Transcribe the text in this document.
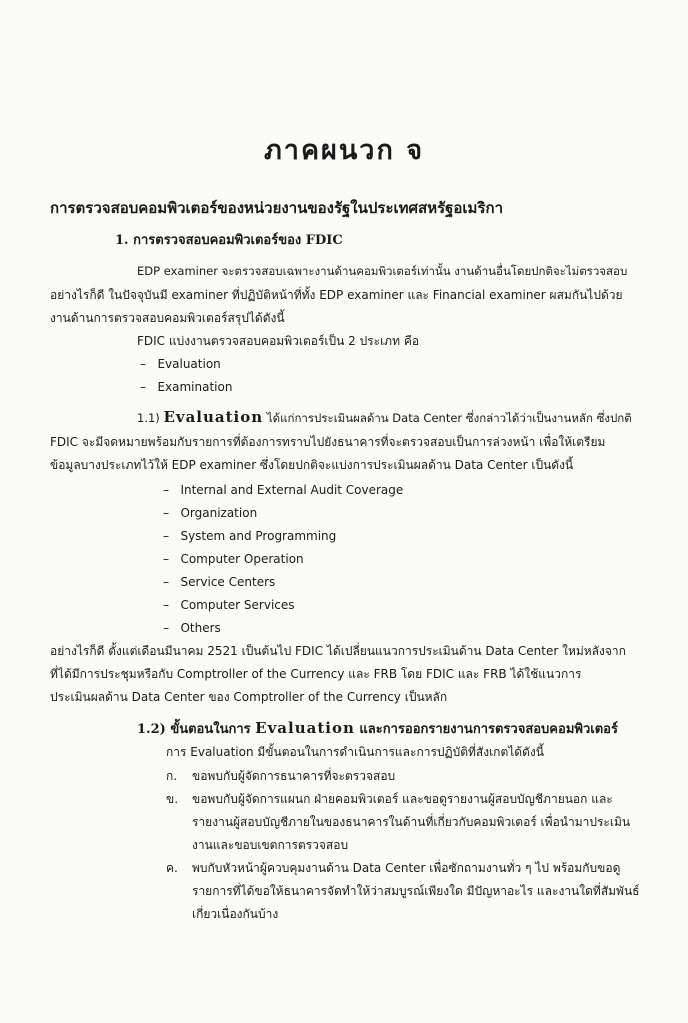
ภาคผนวก จ
การตรวจสอบคอมพิวเตอร์ของหน่วยงานของรัฐในประเทศสหรัฐอเมริกา
1. การตรวจสอบคอมพิวเตอร์ของ FDIC
EDP examiner จะตรวจสอบเฉพาะงานด้านคอมพิวเตอร์เท่านั้น งานด้านอื่นโดยปกติจะไม่ตรวจสอบ
อย่างไรก็ดี ในปัจจุบันมี examiner ที่ปฏิบัติหน้าที่ทั้ง EDP examiner และ Financial examiner ผสมกันไปด้วย
งานด้านการตรวจสอบคอมพิวเตอร์สรุปได้ดังนี้
FDIC แบ่งงานตรวจสอบคอมพิวเตอร์เป็น 2 ประเภท คือ
–   Evaluation
–   Examination
1.1) Evaluation ได้แก่การประเมินผลด้าน Data Center ซึ่งกล่าวได้ว่าเป็นงานหลัก ซึ่งปกติ
FDIC จะมีจดหมายพร้อมกับรายการที่ต้องการทราบไปยังธนาคารที่จะตรวจสอบเป็นการล่วงหน้า เพื่อให้เตรียม
ข้อมูลบางประเภทไว้ให้ EDP examiner ซึ่งโดยปกติจะแบ่งการประเมินผลด้าน Data Center เป็นดังนี้
–   Internal and External Audit Coverage
–   Organization
–   System and Programming
–   Computer Operation
–   Service Centers
–   Computer Services
–   Others
อย่างไรก็ดี ตั้งแต่เดือนมีนาคม 2521 เป็นต้นไป FDIC ได้เปลี่ยนแนวการประเมินด้าน Data Center ใหม่หลังจาก
ที่ได้มีการประชุมหรือกับ Comptroller of the Currency และ FRB โดย FDIC และ FRB ได้ใช้แนวการ
ประเมินผลด้าน Data Center ของ Comptroller of the Currency เป็นหลัก
1.2) ขั้นตอนในการ Evaluation และการออกรายงานการตรวจสอบคอมพิวเตอร์
การ Evaluation มีขั้นตอนในการดำเนินการและการปฏิบัติที่สังเกตได้ดังนี้
ก. ขอพบกับผู้จัดการธนาคารที่จะตรวจสอบ
ข. ขอพบกับผู้จัดการแผนก ฝ่ายคอมพิวเตอร์ และขอดูรายงานผู้สอบบัญชีภายนอก และ
รายงานผู้สอบบัญชีภายในของธนาคารในด้านที่เกี่ยวกับคอมพิวเตอร์ เพื่อนำมาประเมิน
งานและขอบเขตการตรวจสอบ
ค. พบกับหัวหน้าผู้ควบคุมงานด้าน Data Center เพื่อซักถามงานทั่ว ๆ ไป พร้อมกับขอดู
รายการที่ได้ขอให้ธนาคารจัดทำให้ว่าสมบูรณ์เพียงใด มีปัญหาอะไร และงานใดที่สัมพันธ์
เกี่ยวเนื่องกันบ้าง
